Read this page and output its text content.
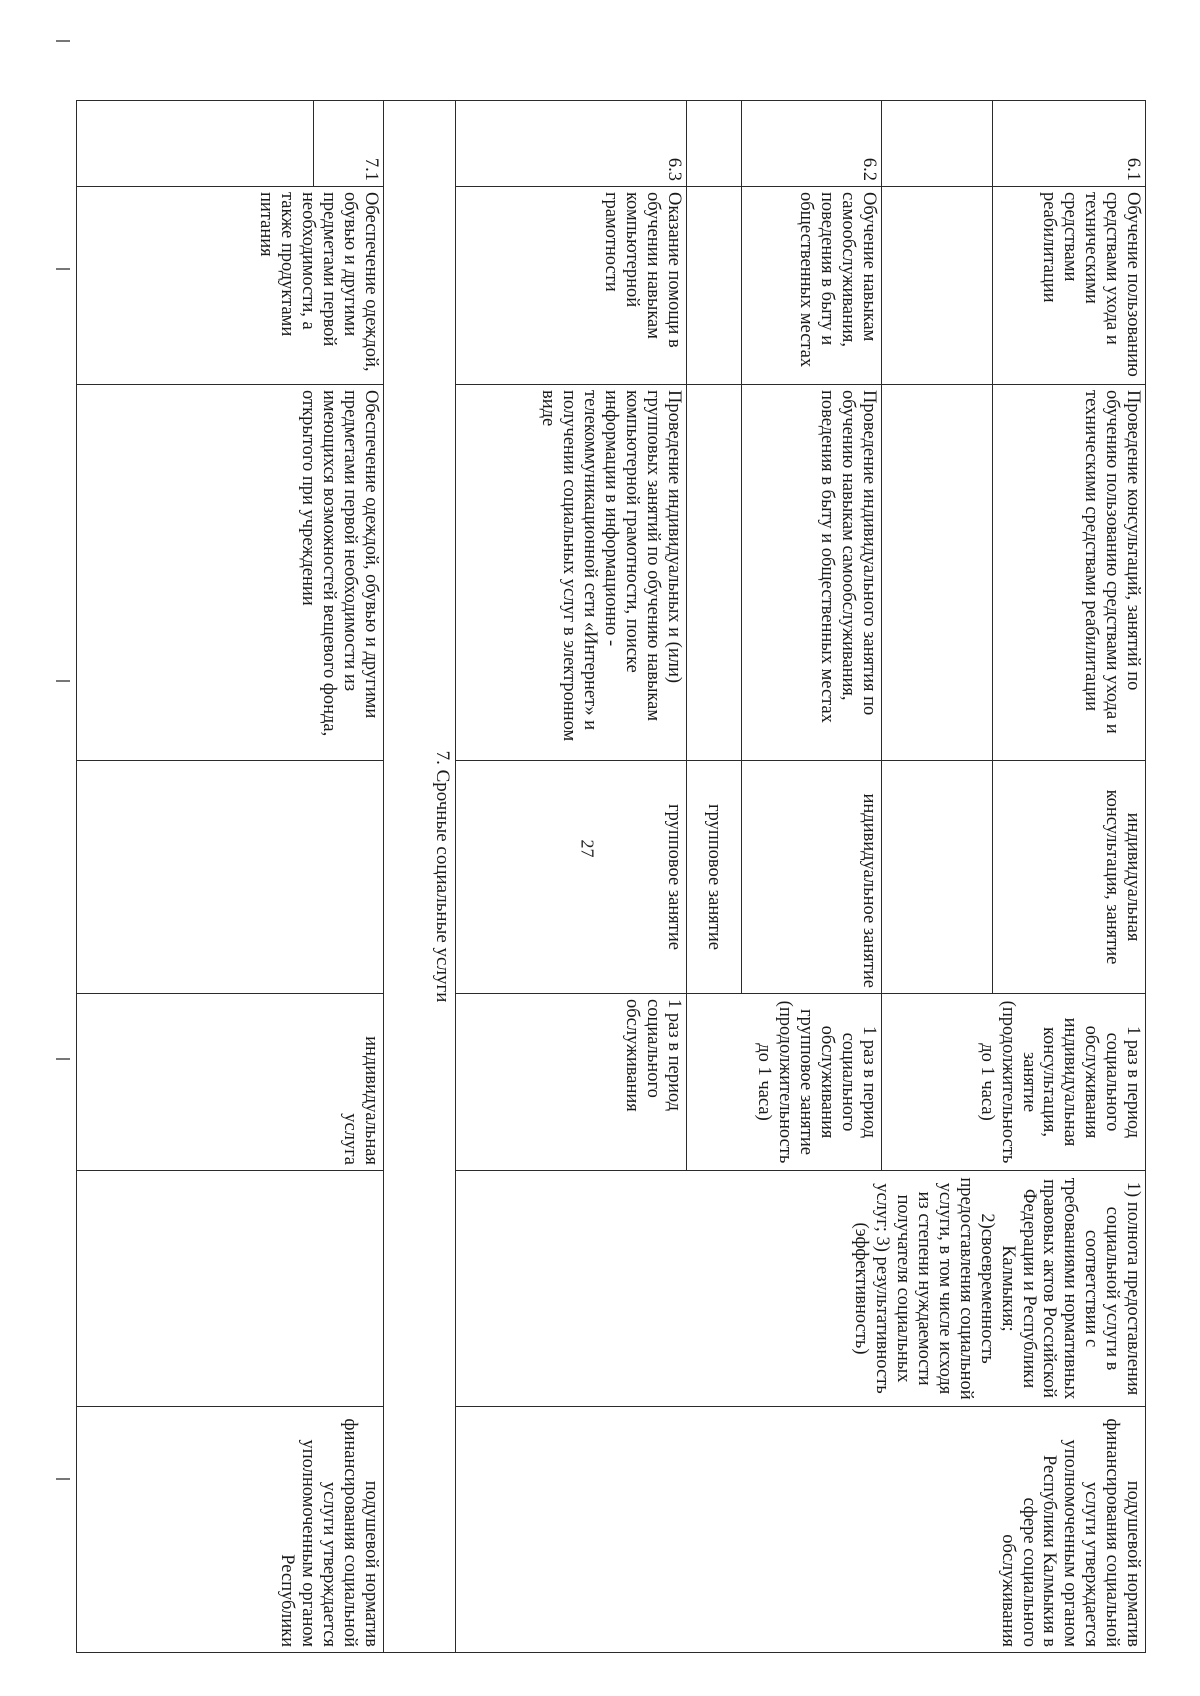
6.1	Обучение пользованию средствами ухода и техническими средствами реабилитации	Проведение консультаций, занятий по обучению пользованию средствами ухода и техническими средствами реабилитации	индивидуальная консультация, занятие	1 раз в период социального обслуживания индивидуальная консультация, занятие (продолжительность до 1 часа)	1) полнота предоставления социальной услуги в соответствии с требованиями нормативных правовых актов Российской Федерации и Республики Калмыкия; 2)своевременность предоставления социальной услуги, в том числе исходя из степени нуждаемости получателя социальных услуг; 3) результативность (эффективность)	подушевой норматив финансирования социальной услуги утверждается уполномоченным органом Республики Калмыкия в сфере социального обслуживания

6.2	Обучение навыкам самообслуживания, поведения в быту и общественных местах	Проведение индивидуального занятия по обучению навыкам самообслуживания, поведения в быту и общественных местах	индивидуальное занятие	1 раз в период социального обслуживания групповое занятие (продолжительность до 1 часа)		
			групповое занятие			
6.3	Оказание помощи в обучении навыкам компьютерной грамотности	Проведение индивидуальных и (или) групповых занятий по обучению навыкам компьютерной грамотности, поиске информации в информационно - телекоммуникационной сети «Интернет» и получении социальных услуг в электронном виде	групповое занятие	1 раз в период социального обслуживания		
7. Срочные социальные услуги						
7.1	Обеспечение одеждой, обувью и другими предметами первой необходимости, а также продуктами питания	Обеспечение одеждой, обувью и другими предметами первой необходимости из имеющихся возможностей вещевого фонда, открытого при учреждении		индивидуальная услуга		подушевой норматив финансирования социальной услуги утверждается уполномоченным органом Республики

27
